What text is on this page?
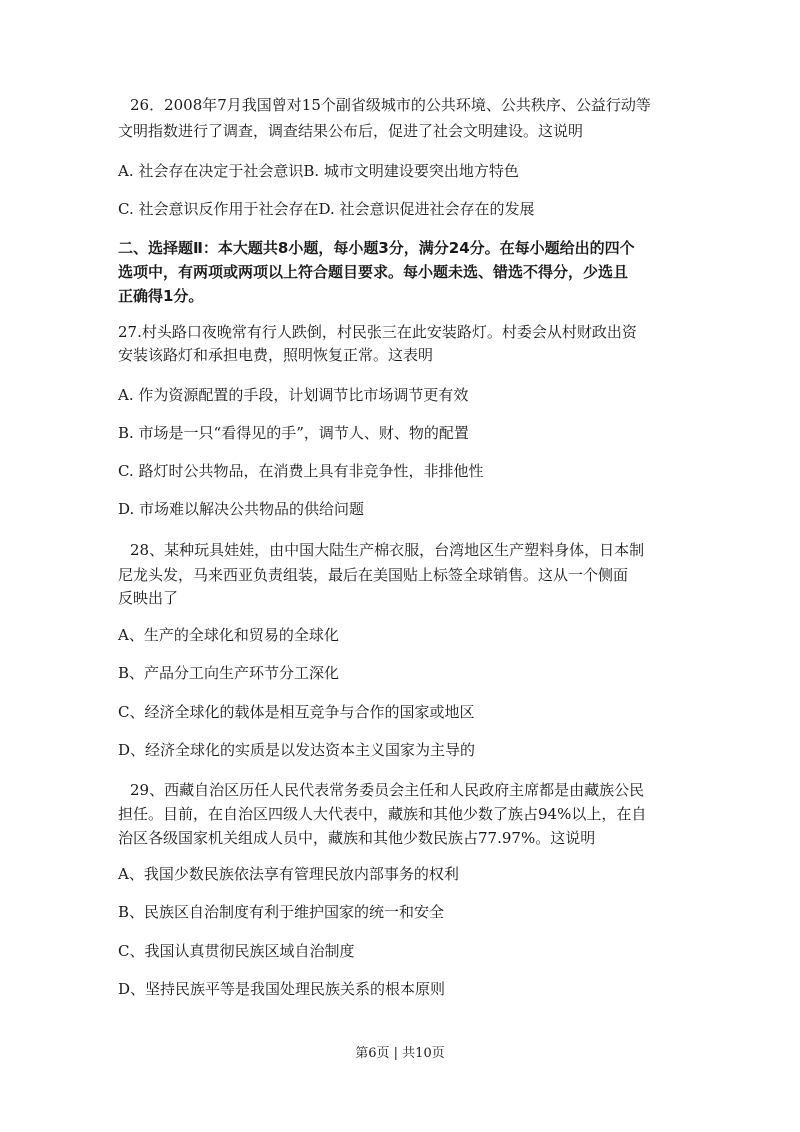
26．2008年7月我国曾对15个副省级城市的公共环境、公共秩序、公益行动等
文明指数进行了调查，调查结果公布后，促进了社会文明建设。这说明
A. 社会存在决定于社会意识B. 城市文明建设要突出地方特色
C. 社会意识反作用于社会存在D. 社会意识促进社会存在的发展
二、选择题Ⅱ：本大题共8小题，每小题3分，满分24分。在每小题给出的四个
选项中，有两项或两项以上符合题目要求。每小题未选、错选不得分，少选且
正确得1分。
27.村头路口夜晚常有行人跌倒，村民张三在此安装路灯。村委会从村财政出资
安装该路灯和承担电费，照明恢复正常。这表明
A. 作为资源配置的手段，计划调节比市场调节更有效
B. 市场是一只“看得见的手”，调节人、财、物的配置
C. 路灯时公共物品，在消费上具有非竞争性，非排他性
D. 市场难以解决公共物品的供给问题
28、某种玩具娃娃，由中国大陆生产棉衣服，台湾地区生产塑料身体，日本制
尼龙头发，马来西亚负责组装，最后在美国贴上标签全球销售。这从一个侧面
反映出了
A、生产的全球化和贸易的全球化
B、产品分工向生产环节分工深化
C、经济全球化的载体是相互竞争与合作的国家或地区
D、经济全球化的实质是以发达资本主义国家为主导的
29、西藏自治区历任人民代表常务委员会主任和人民政府主席都是由藏族公民
担任。目前，在自治区四级人大代表中，藏族和其他少数了族占94%以上，在自
治区各级国家机关组成人员中，藏族和其他少数民族占77.97%。这说明
A、我国少数民族依法享有管理民放内部事务的权利
B、民族区自治制度有利于维护国家的统一和安全
C、我国认真贯彻民族区域自治制度
D、坚持民族平等是我国处理民族关系的根本原则
第6页 | 共10页
